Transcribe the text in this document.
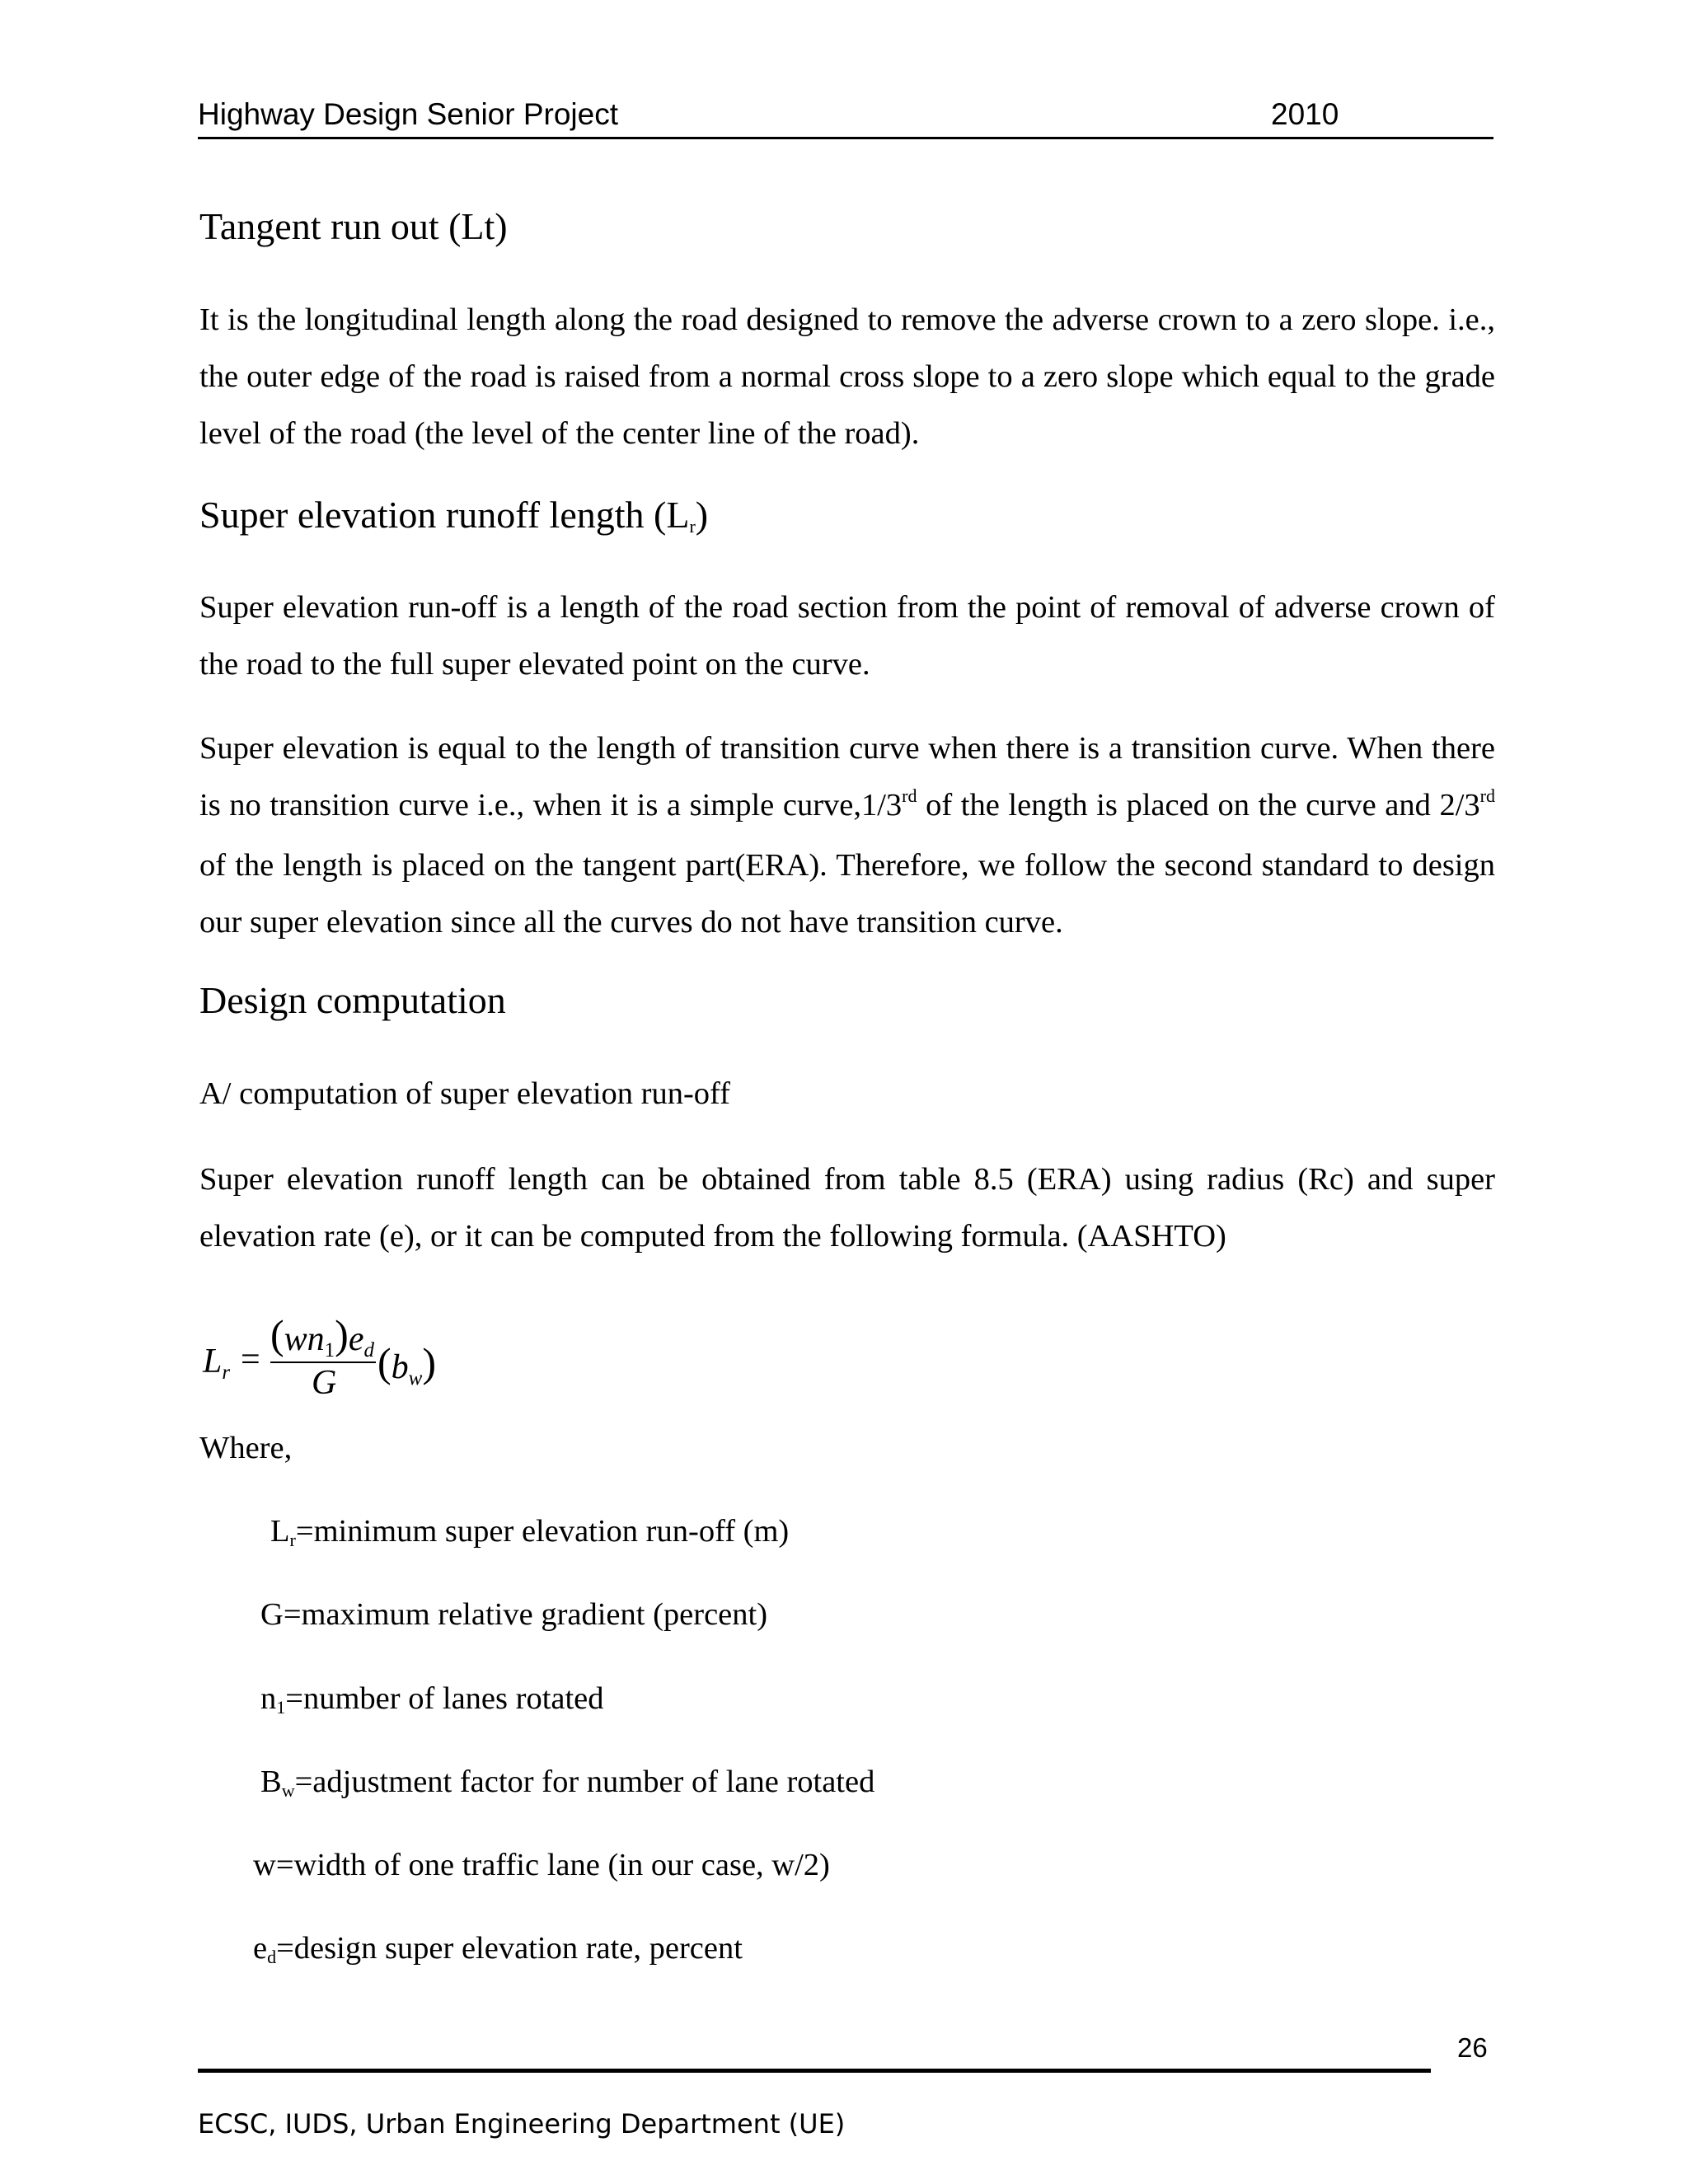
Highway Design Senior Project	2010
Tangent run out (Lt)
It is the longitudinal length along the road designed to remove the adverse crown to a zero slope. i.e., the outer edge of the road is raised from a normal cross slope to a zero slope which equal to the grade level of the road (the level of the center line of the road).
Super elevation runoff length $(L_r)$
Super elevation run-off is a length of the road section from the point of removal of adverse crown of the road to the full super elevated point on the curve.
Super elevation is equal to the length of transition curve when there is a transition curve. When there is no transition curve i.e., when it is a simple curve,1/3rd of the length is placed on the curve and 2/3rd of the length is placed on the tangent part(ERA). Therefore, we follow the second standard to design our super elevation since all the curves do not have transition curve.
Design computation
A/ computation of super elevation run-off
Super elevation runoff length can be obtained from table 8.5 (ERA) using radius (Rc) and super elevation rate (e), or it can be computed from the following formula. (AASHTO)
$L_r$ =
(wn1)ed
G $(b_w)$
Where,
$L_r=minimum$ super elevation run-off (m)
G=maximum relative gradient (percent)
$n_1=number$ of lanes rotated
$B_w=adjustment$ factor for number of lane rotated
w=width of one traffic lane (in our case, w/2)
$e_d=design$ super elevation rate, percent
26
ECSC, IUDS, Urban Engineering Department (UE)
